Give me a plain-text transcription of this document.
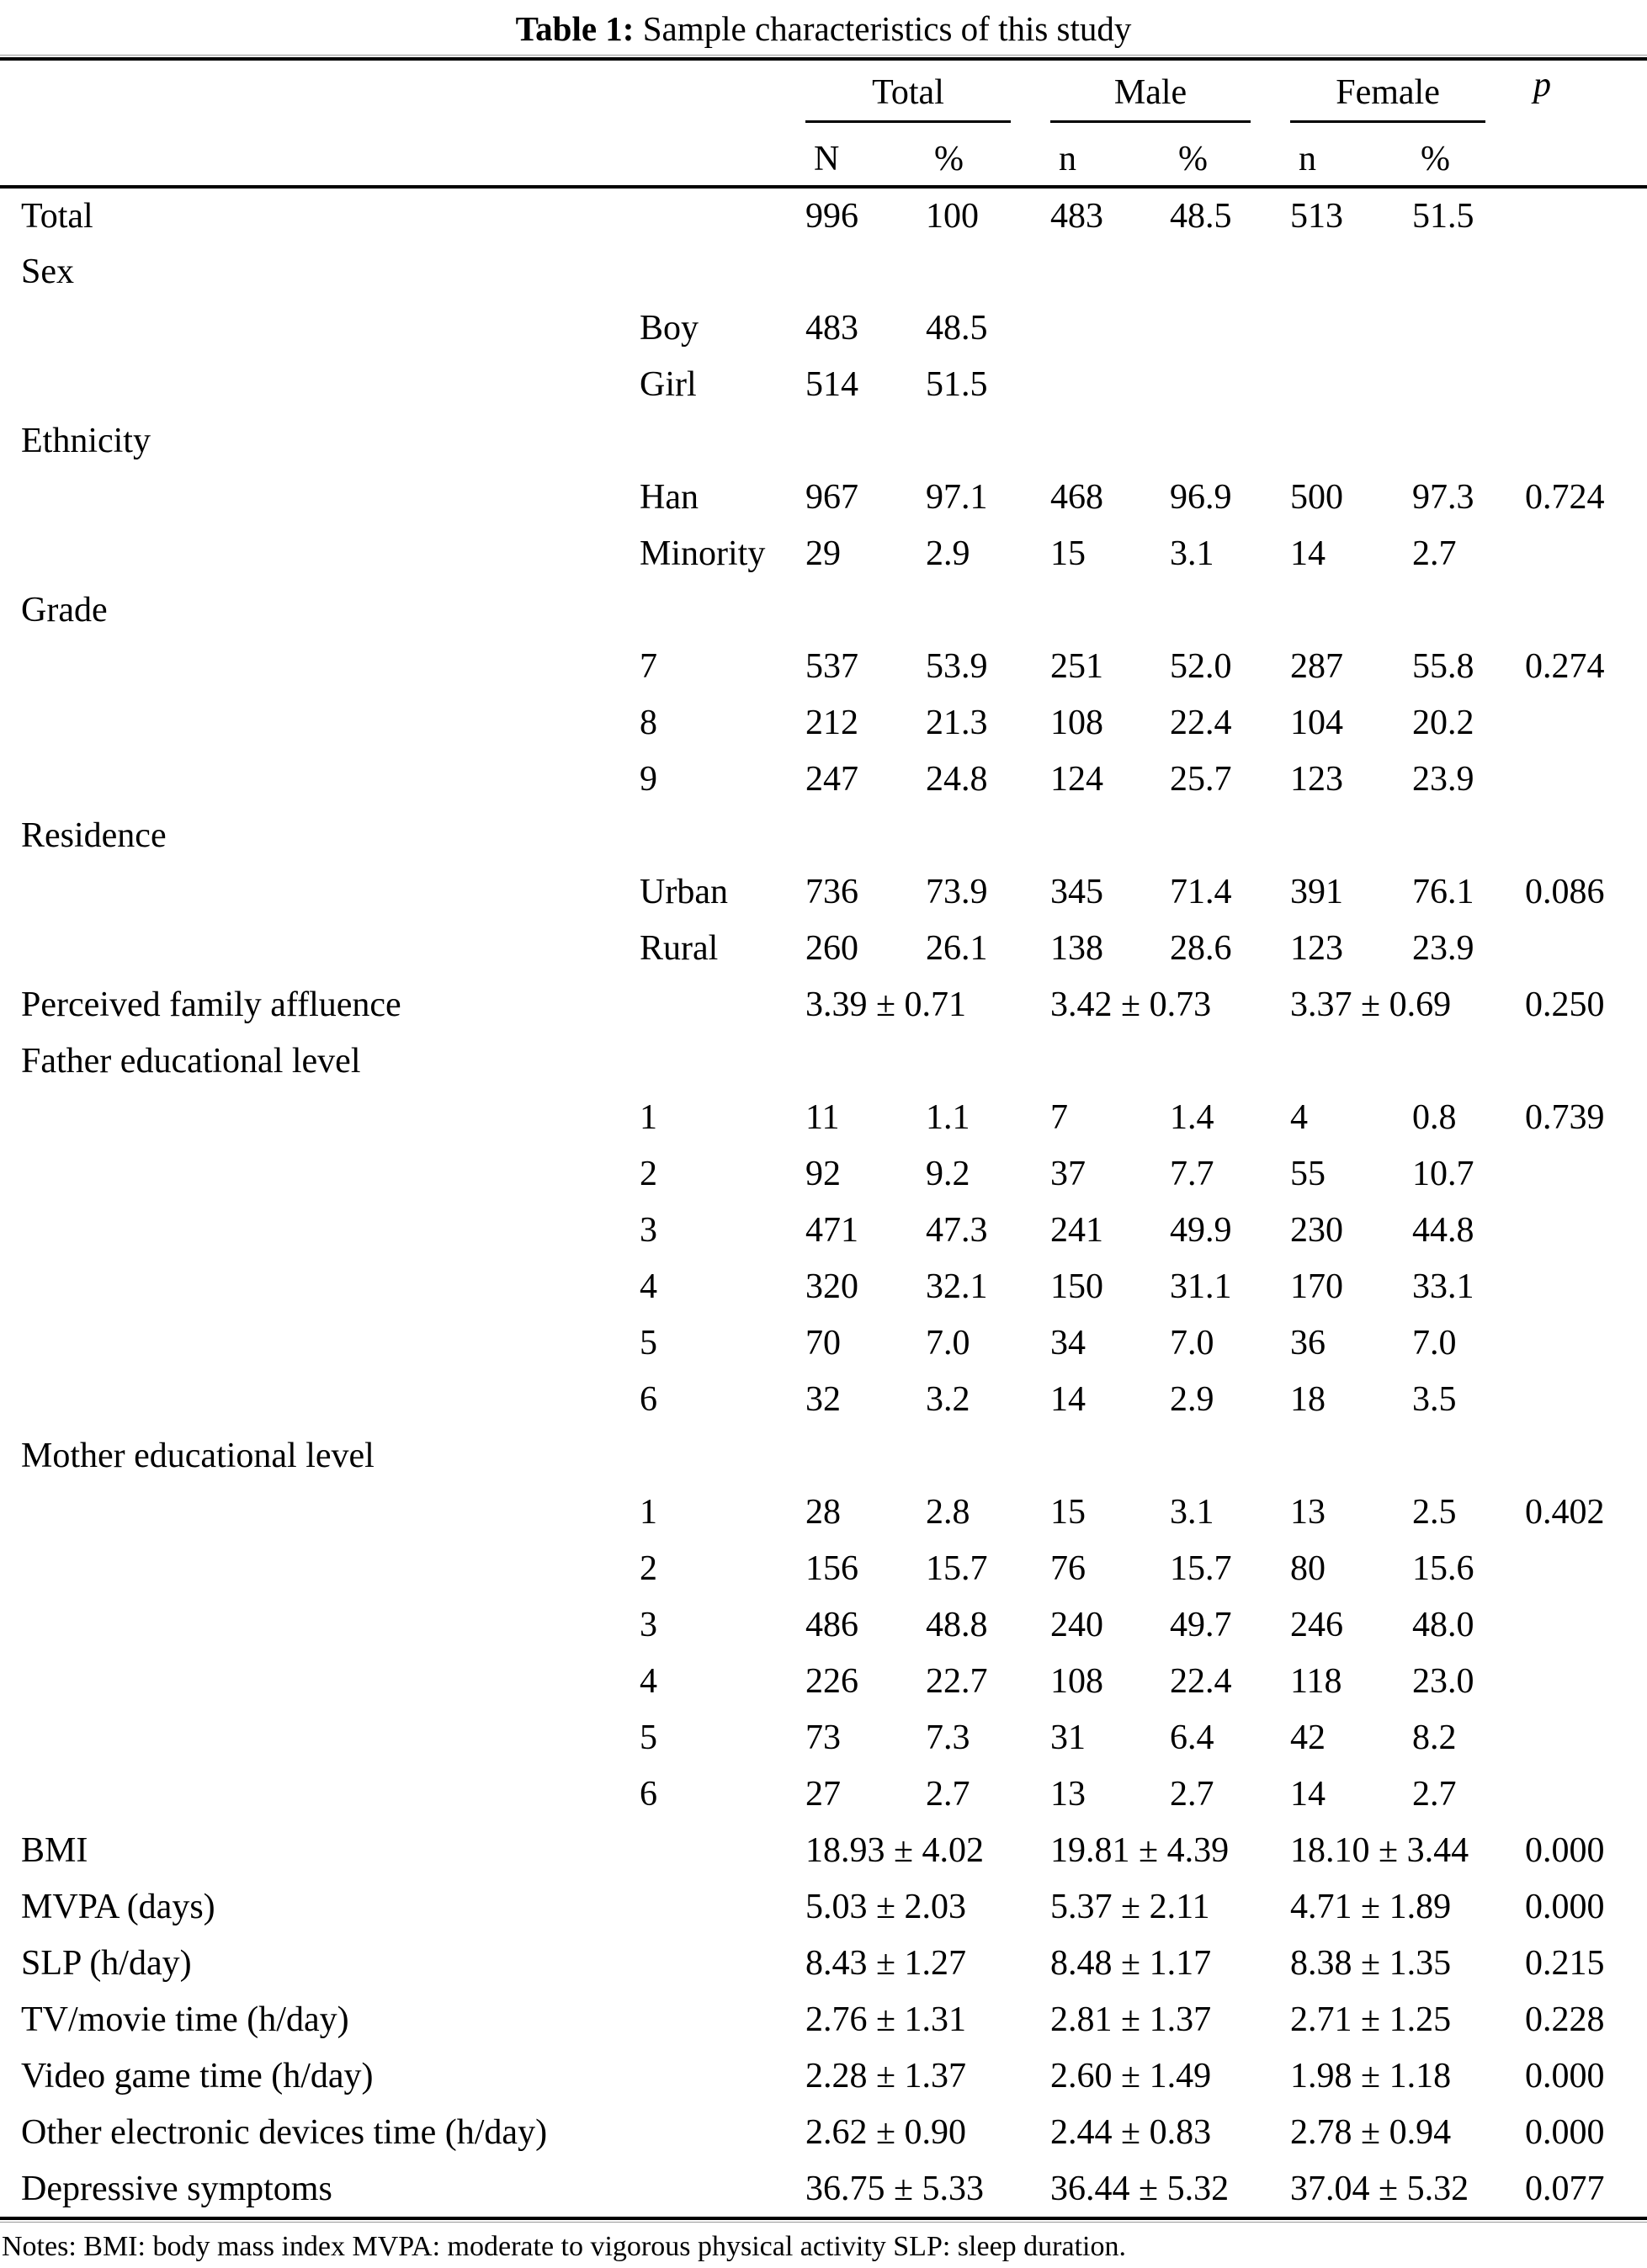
Table 1: Sample characteristics of this study

Total		Male		Female		p
		N	%	n	%	n	%	
Total		996	100	483	48.5	513	51.5	
Sex								
	Boy	483	48.5					
	Girl	514	51.5					
Ethnicity								
	Han	967	97.1	468	96.9	500	97.3	0.724
	Minority	29	2.9	15	3.1	14	2.7	
Grade								
	7	537	53.9	251	52.0	287	55.8	0.274
	8	212	21.3	108	22.4	104	20.2	
	9	247	24.8	124	25.7	123	23.9	
Residence								
	Urban	736	73.9	345	71.4	391	76.1	0.086
	Rural	260	26.1	138	28.6	123	23.9	
Perceived family affluence		3.39 ± 0.71		3.42 ± 0.73		3.37 ± 0.69		0.250
Father educational level								
	1	11	1.1	7	1.4	4	0.8	0.739
	2	92	9.2	37	7.7	55	10.7	
	3	471	47.3	241	49.9	230	44.8	
	4	320	32.1	150	31.1	170	33.1	
	5	70	7.0	34	7.0	36	7.0	
	6	32	3.2	14	2.9	18	3.5	
Mother educational level								
	1	28	2.8	15	3.1	13	2.5	0.402
	2	156	15.7	76	15.7	80	15.6	
	3	486	48.8	240	49.7	246	48.0	
	4	226	22.7	108	22.4	118	23.0	
	5	73	7.3	31	6.4	42	8.2	
	6	27	2.7	13	2.7	14	2.7	
BMI		18.93 ± 4.02		19.81 ± 4.39		18.10 ± 3.44		0.000
MVPA (days)		5.03 ± 2.03		5.37 ± 2.11		4.71 ± 1.89		0.000
SLP (h/day)		8.43 ± 1.27		8.48 ± 1.17		8.38 ± 1.35		0.215
TV/movie time (h/day)		2.76 ± 1.31		2.81 ± 1.37		2.71 ± 1.25		0.228
Video game time (h/day)		2.28 ± 1.37		2.60 ± 1.49		1.98 ± 1.18		0.000
Other electronic devices time (h/day)		2.62 ± 0.90		2.44 ± 0.83		2.78 ± 0.94		0.000
Depressive symptoms		36.75 ± 5.33		36.44 ± 5.32		37.04 ± 5.32		0.077
Notes: BMI: body mass index MVPA: moderate to vigorous physical activity SLP: sleep duration.
